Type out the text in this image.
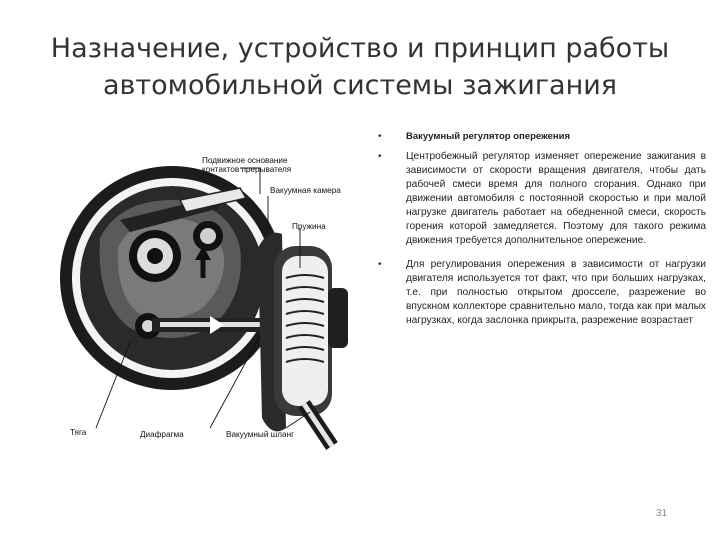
Назначение, устройство и принцип работы
автомобильной системы зажигания
Подвижное основание
контактов прерывателя
Вакуумная камера
Пружина
Тяга	Диафрагма	Вакуумный шланг
•	Вакуумный регулятор опережения
• Центробежный регулятор изменяет опережение зажигания в зависимости от скорости вращения двигателя, чтобы дать рабочей смеси время для полного сгорания. Однако при движении автомобиля с постоянной скоростью и при малой нагрузке двигатель работает на обедненной смеси, скорость горения которой замедляется. Поэтому для такого режима движения требуется дополнительное опережение.
• Для регулирования опережения в зависимости от нагрузки двигателя используется тот факт, что при больших нагрузках, т.е. при полностью открытом дросселе, разрежение во впускном коллекторе сравнительно мало, тогда как при малых нагрузках, когда заслонка прикрыта, разрежение возрастает
31
